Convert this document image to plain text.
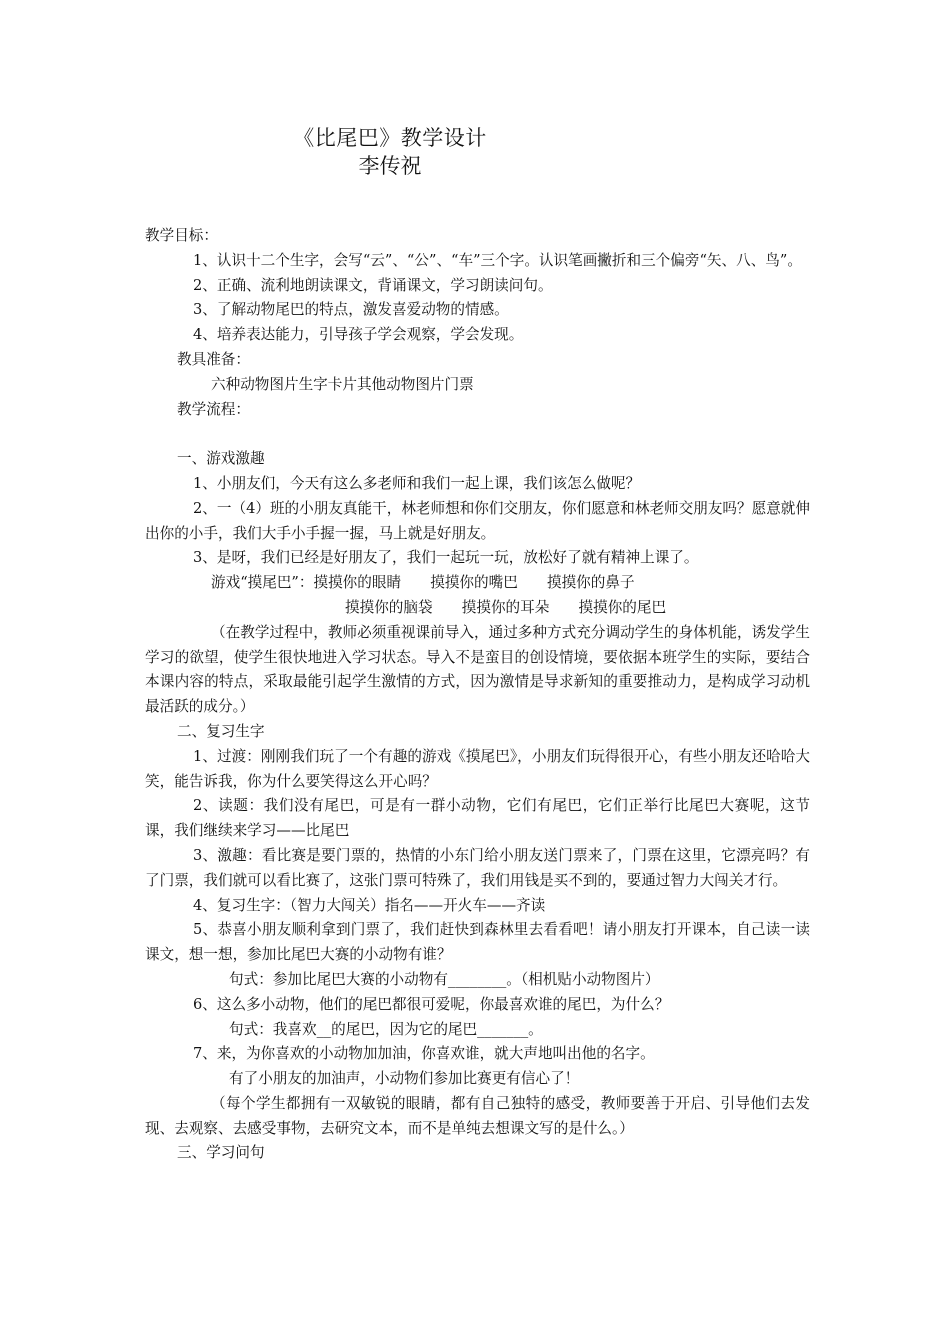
《比尾巴》教学设计
李传祝

教学目标：

1、认识十二个生字，会写“云”、“公”、“车”三个字。认识笔画撇折和三个偏旁“矢、八、鸟”。

2、正确、流利地朗读课文，背诵课文，学习朗读问句。

3、了解动物尾巴的特点，激发喜爱动物的情感。

4、培养表达能力，引导孩子学会观察，学会发现。

教具准备：

六种动物图片生字卡片其他动物图片门票

教学流程：

一、游戏激趣

1、小朋友们，今天有这么多老师和我们一起上课，我们该怎么做呢？

2、一（4）班的小朋友真能干，林老师想和你们交朋友，你们愿意和林老师交朋友吗？愿意就伸出你的小手，我们大手小手握一握，马上就是好朋友。

3、是呀，我们已经是好朋友了，我们一起玩一玩，放松好了就有精神上课了。

游戏“摸尾巴”：摸摸你的眼睛　　摸摸你的嘴巴　　摸摸你的鼻子

摸摸你的脑袋　　摸摸你的耳朵　　摸摸你的尾巴

（在教学过程中，教师必须重视课前导入，通过多种方式充分调动学生的身体机能，诱发学生学习的欲望，使学生很快地进入学习状态。导入不是蛮目的创设情境，要依据本班学生的实际，要结合本课内容的特点，采取最能引起学生激情的方式，因为激情是导求新知的重要推动力，是构成学习动机最活跃的成分。）

二、复习生字

1、过渡：刚刚我们玩了一个有趣的游戏《摸尾巴》，小朋友们玩得很开心，有些小朋友还哈哈大笑，能告诉我，你为什么要笑得这么开心吗？

2、读题：我们没有尾巴，可是有一群小动物，它们有尾巴，它们正举行比尾巴大赛呢，这节课，我们继续来学习——比尾巴

3、激趣：看比赛是要门票的，热情的小东门给小朋友送门票来了，门票在这里，它漂亮吗？有了门票，我们就可以看比赛了，这张门票可特殊了，我们用钱是买不到的，要通过智力大闯关才行。

4、复习生字：（智力大闯关）指名——开火车——齐读

5、恭喜小朋友顺利拿到门票了，我们赶快到森林里去看看吧！请小朋友打开课本，自己读一读课文，想一想，参加比尾巴大赛的小动物有谁？

句式：参加比尾巴大赛的小动物有________。（相机贴小动物图片）

6、这么多小动物，他们的尾巴都很可爱呢，你最喜欢谁的尾巴，为什么？

句式：我喜欢__的尾巴，因为它的尾巴_______。

7、来，为你喜欢的小动物加加油，你喜欢谁，就大声地叫出他的名字。

有了小朋友的加油声，小动物们参加比赛更有信心了！

（每个学生都拥有一双敏锐的眼睛，都有自己独特的感受，教师要善于开启、引导他们去发现、去观察、去感受事物，去研究文本，而不是单纯去想课文写的是什么。）

三、学习问句
